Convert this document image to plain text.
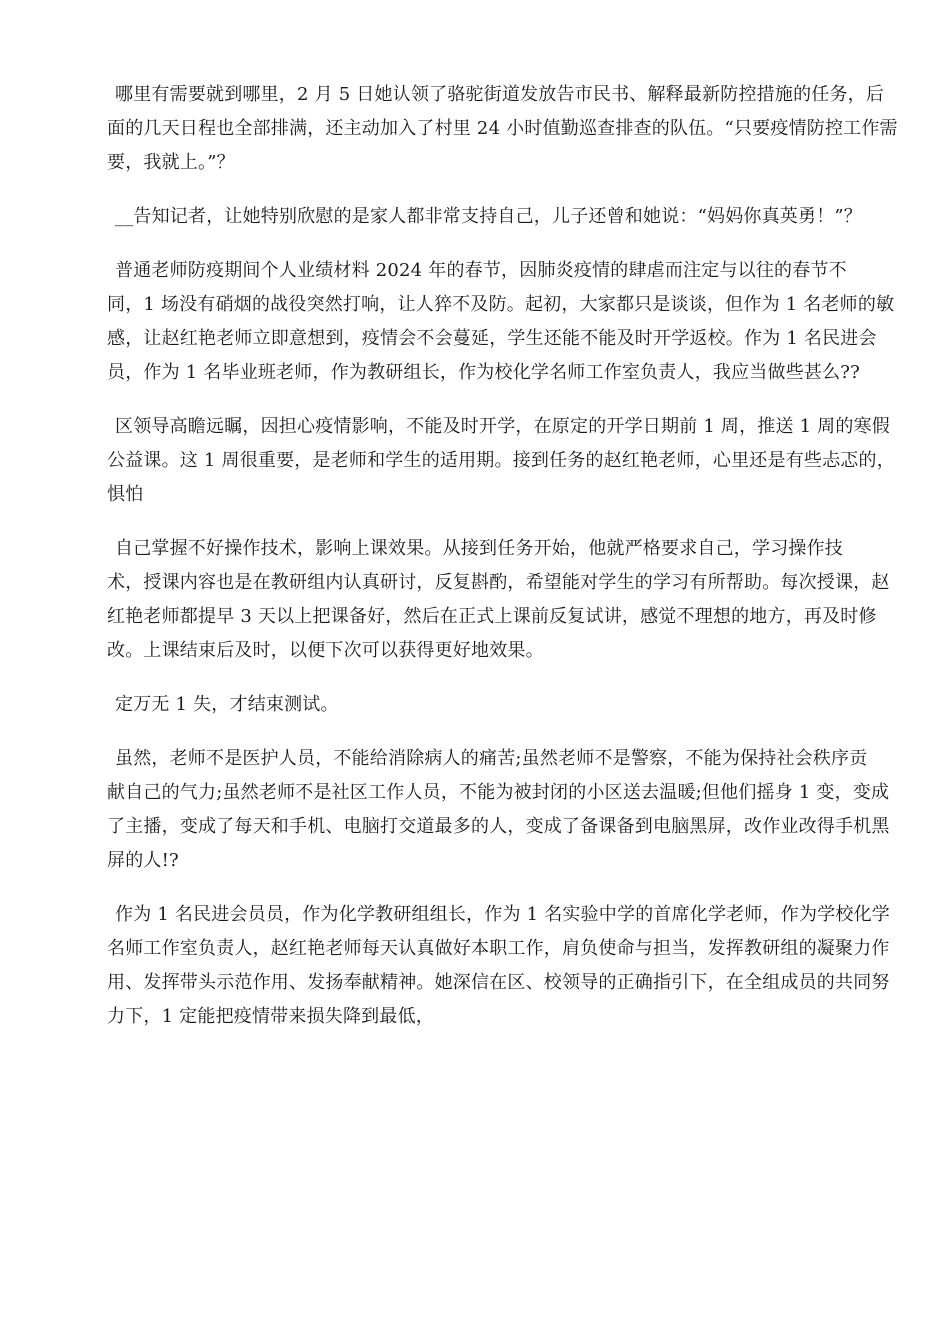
哪里有需要就到哪里，2 月 5 日她认领了骆驼街道发放告市民书、解释最新防控措施的任务，后
面的几天日程也全部排满，还主动加入了村里 24 小时值勤巡查排查的队伍。“只要疫情防控工作需
要，我就上。”？

__告知记者，让她特别欣慰的是家人都非常支持自己，儿子还曾和她说：“妈妈你真英勇！”？

普通老师防疫期间个人业绩材料 2024 年的春节，因肺炎疫情的肆虐而注定与以往的春节不
同，1 场没有硝烟的战役突然打响，让人猝不及防。起初，大家都只是谈谈，但作为 1 名老师的敏
感，让赵红艳老师立即意想到，疫情会不会蔓延，学生还能不能及时开学返校。作为 1 名民进会
员，作为 1 名毕业班老师，作为教研组长，作为校化学名师工作室负责人，我应当做些甚么??

区领导高瞻远瞩，因担心疫情影响，不能及时开学，在原定的开学日期前 1 周，推送 1 周的寒假
公益课。这 1 周很重要，是老师和学生的适用期。接到任务的赵红艳老师，心里还是有些忐忑的，
惧怕

自己掌握不好操作技术，影响上课效果。从接到任务开始，他就严格要求自己，学习操作技
术，授课内容也是在教研组内认真研讨，反复斟酌，希望能对学生的学习有所帮助。每次授课，赵
红艳老师都提早 3 天以上把课备好，然后在正式上课前反复试讲，感觉不理想的地方，再及时修
改。上课结束后及时，以便下次可以获得更好地效果。

定万无 1 失，才结束测试。

虽然，老师不是医护人员，不能给消除病人的痛苦;虽然老师不是警察，不能为保持社会秩序贡
献自己的气力;虽然老师不是社区工作人员，不能为被封闭的小区送去温暖;但他们摇身 1 变，变成
了主播，变成了每天和手机、电脑打交道最多的人，变成了备课备到电脑黑屏，改作业改得手机黑
屏的人!?

作为 1 名民进会员员，作为化学教研组组长，作为 1 名实验中学的首席化学老师，作为学校化学
名师工作室负责人，赵红艳老师每天认真做好本职工作，肩负使命与担当，发挥教研组的凝聚力作
用、发挥带头示范作用、发扬奉献精神。她深信在区、校领导的正确指引下，在全组成员的共同努
力下，1 定能把疫情带来损失降到最低，
